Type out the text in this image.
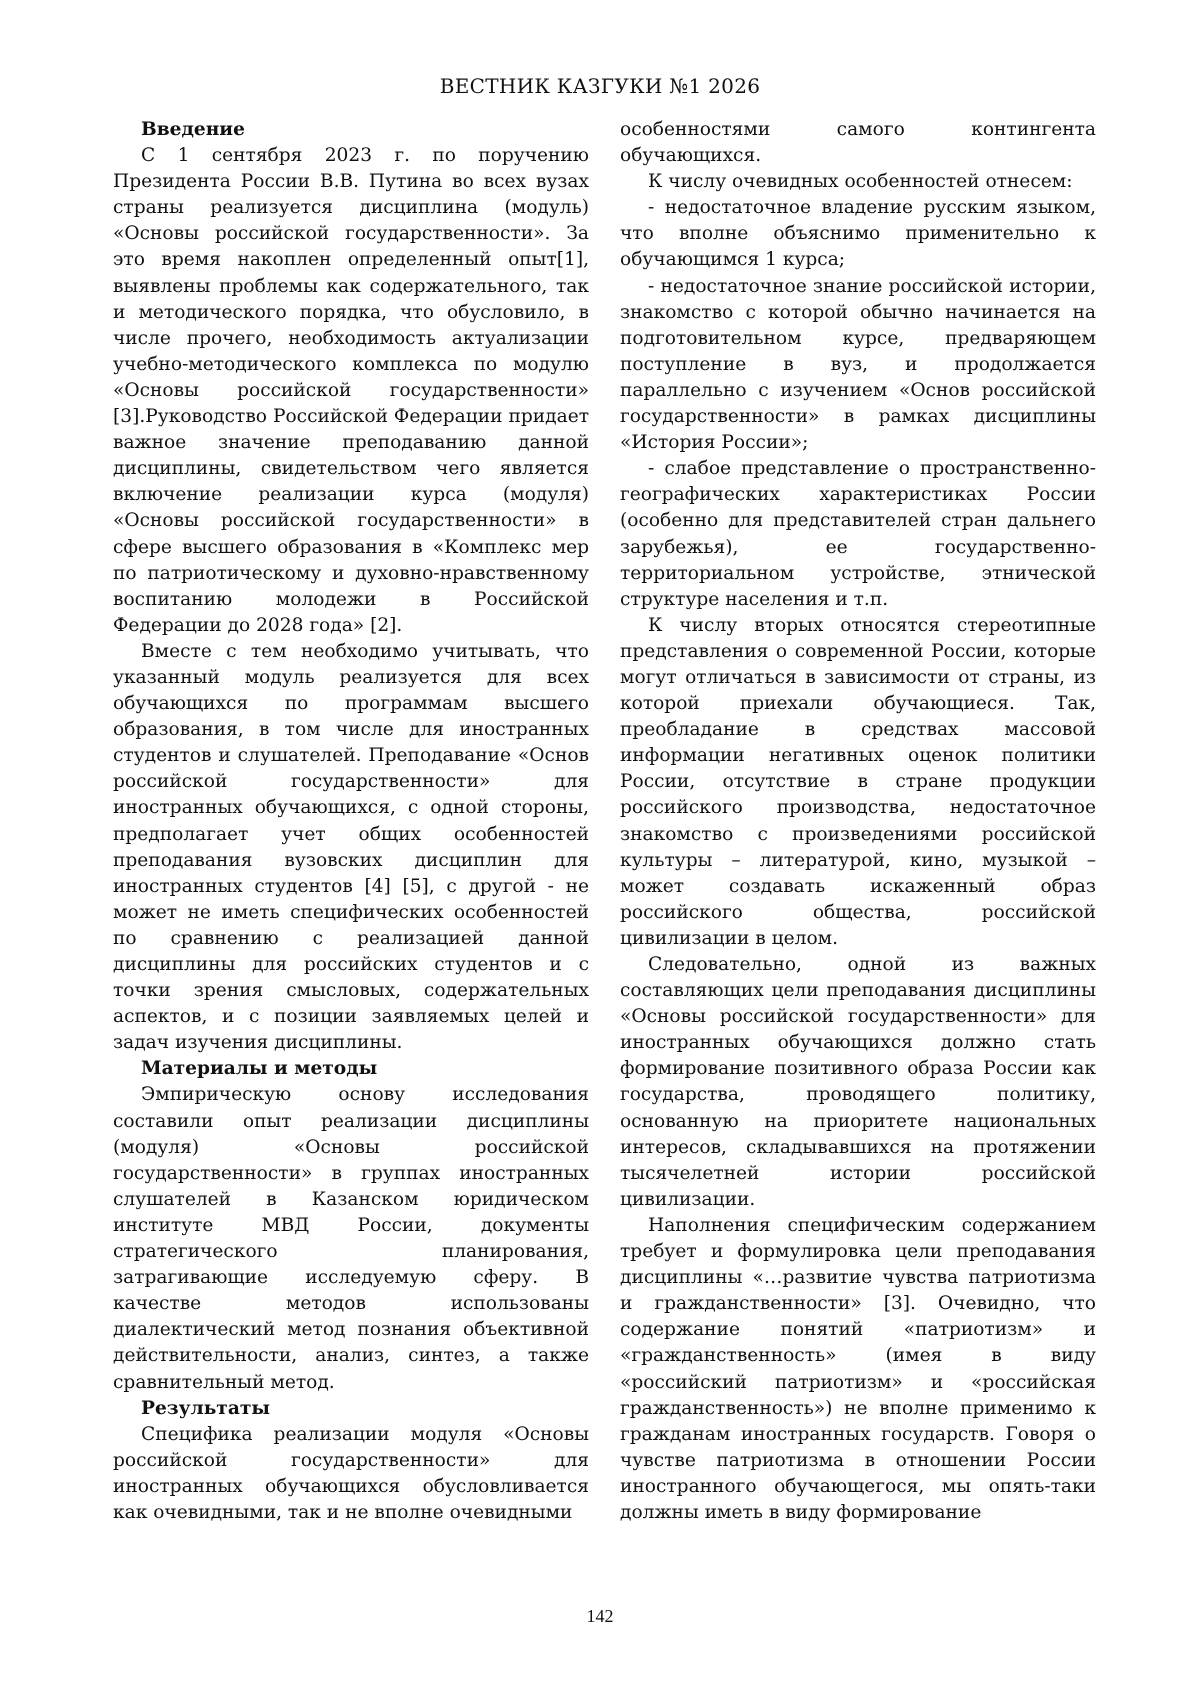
ВЕСТНИК КАЗГУКИ №1 2026
Введение

С 1 сентября 2023 г. по поручению Президента России В.В. Путина во всех вузах страны реализуется дисциплина (модуль) «Основы российской государственности». За это время накоплен определенный опыт[1], выявлены проблемы как содержательного, так и методического порядка, что обусловило, в числе прочего, необходимость актуализации учебно-методического комплекса по модулю «Основы российской государственности» [3].Руководство Российской Федерации придает важное значение преподаванию данной дисциплины, свидетельством чего является включение реализации курса (модуля) «Основы российской государственности» в сфере высшего образования в «Комплекс мер по патриотическому и духовно-нравственному воспитанию молодежи в Российской Федерации до 2028 года» [2].

Вместе с тем необходимо учитывать, что указанный модуль реализуется для всех обучающихся по программам высшего образования, в том числе для иностранных студентов и слушателей. Преподавание «Основ российской государственности» для иностранных обучающихся, с одной стороны, предполагает учет общих особенностей преподавания вузовских дисциплин для иностранных студентов [4] [5], с другой - не может не иметь специфических особенностей по сравнению с реализацией данной дисциплины для российских студентов и с точки зрения смысловых, содержательных аспектов, и с позиции заявляемых целей и задач изучения дисциплины.

Материалы и методы

Эмпирическую основу исследования составили опыт реализации дисциплины (модуля) «Основы российской государственности» в группах иностранных слушателей в Казанском юридическом институте МВД России, документы стратегического планирования, затрагивающие исследуемую сферу. В качестве методов использованы диалектический метод познания объективной действительности, анализ, синтез, а также сравнительный метод.

Результаты

Специфика реализации модуля «Основы российской государственности» для иностранных обучающихся обусловливается как очевидными, так и не вполне очевидными

особенностями самого контингента обучающихся.

К числу очевидных особенностей отнесем:

- недостаточное владение русским языком, что вполне объяснимо применительно к обучающимся 1 курса;

- недостаточное знание российской истории, знакомство с которой обычно начинается на подготовительном курсе, предваряющем поступление в вуз, и продолжается параллельно с изучением «Основ российской государственности» в рамках дисциплины «История России»;

- слабое представление о пространственно-географических характеристиках России (особенно для представителей стран дальнего зарубежья), ее государственно-территориальном устройстве, этнической структуре населения и т.п.

К числу вторых относятся стереотипные представления о современной России, которые могут отличаться в зависимости от страны, из которой приехали обучающиеся. Так, преобладание в средствах массовой информации негативных оценок политики России, отсутствие в стране продукции российского производства, недостаточное знакомство с произведениями российской культуры – литературой, кино, музыкой – может создавать искаженный образ российского общества, российской цивилизации в целом.

Следовательно, одной из важных составляющих цели преподавания дисциплины «Основы российской государственности» для иностранных обучающихся должно стать формирование позитивного образа России как государства, проводящего политику, основанную на приоритете национальных интересов, складывавшихся на протяжении тысячелетней истории российской цивилизации.

Наполнения специфическим содержанием требует и формулировка цели преподавания дисциплины «…развитие чувства патриотизма и гражданственности» [3]. Очевидно, что содержание понятий «патриотизм» и «гражданственность» (имея в виду «российский патриотизм» и «российская гражданственность») не вполне применимо к гражданам иностранных государств. Говоря о чувстве патриотизма в отношении России иностранного обучающегося, мы опять-таки должны иметь в виду формирование

142
